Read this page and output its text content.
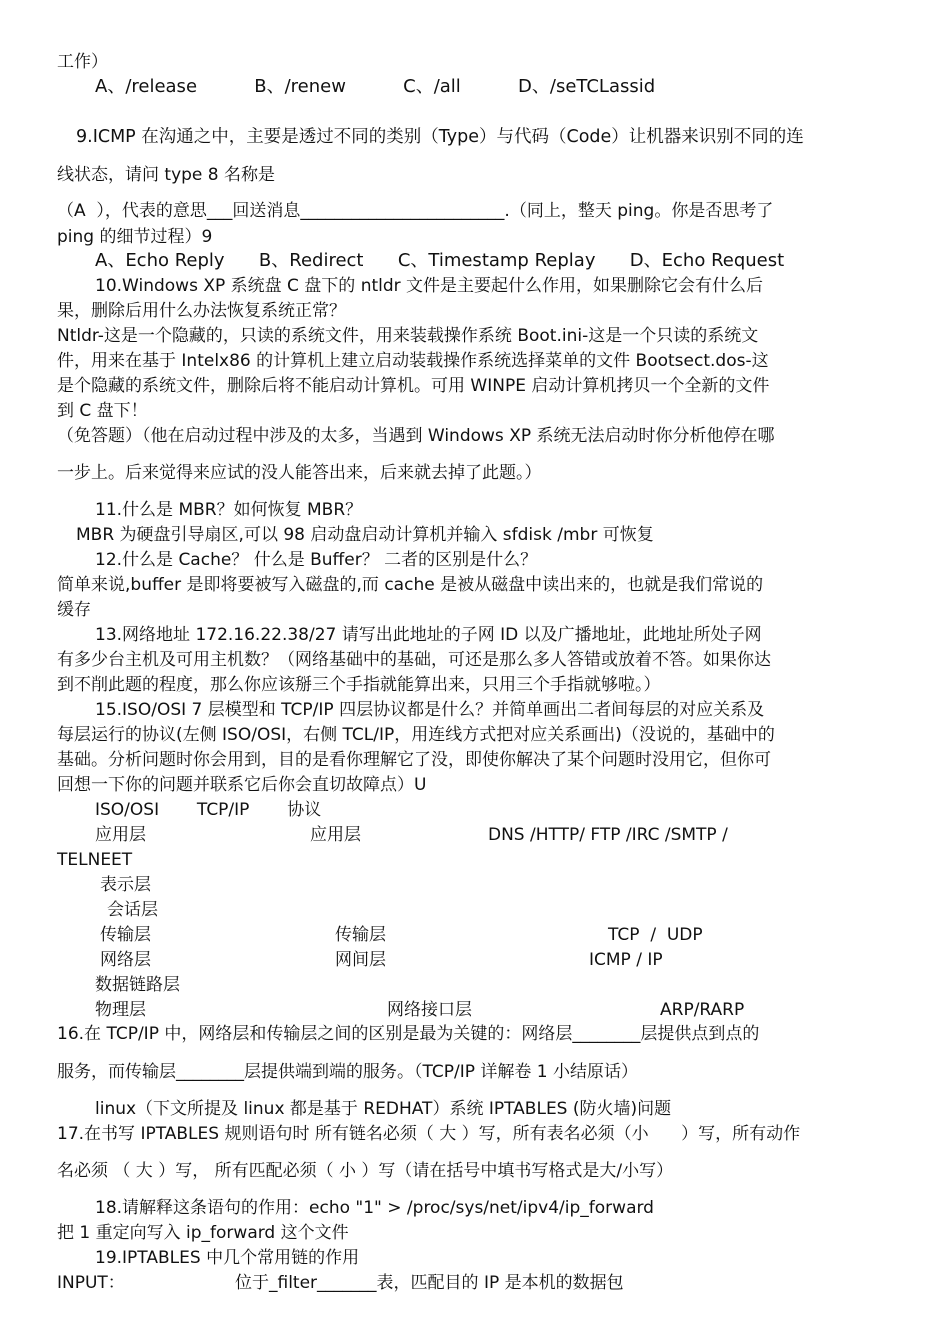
工作）
A、/release          B、/renew          C、/all          D、/seTCLassid
9.ICMP 在沟通之中，主要是透过不同的类别（Type）与代码（Code）让机器来识别不同的连
线状态，请问 type 8 名称是
（A  ），代表的意思___回送消息________________________.（同上，整天 ping。你是否思考了
ping 的细节过程）9
A、Echo Reply      B、Redirect      C、Timestamp Replay      D、Echo Request
10.Windows XP 系统盘 C 盘下的 ntldr 文件是主要起什么作用，如果删除它会有什么后
果，删除后用什么办法恢复系统正常？
Ntldr-这是一个隐藏的，只读的系统文件，用来装载操作系统 Boot.ini-这是一个只读的系统文
件，用来在基于 Intelx86 的计算机上建立启动装载操作系统选择菜单的文件 Bootsect.dos-这
是个隐藏的系统文件，删除后将不能启动计算机。可用 WINPE 启动计算机拷贝一个全新的文件
到 C 盘下！
（免答题）（他在启动过程中涉及的太多，当遇到 Windows XP 系统无法启动时你分析他停在哪
一步上。后来觉得来应试的没人能答出来，后来就去掉了此题。）
11.什么是 MBR？如何恢复 MBR？
MBR 为硬盘引导扇区,可以 98 启动盘启动计算机并输入 sfdisk /mbr 可恢复
12.什么是 Cache？ 什么是 Buffer？ 二者的区别是什么？
简单来说,buffer 是即将要被写入磁盘的,而 cache 是被从磁盘中读出来的，也就是我们常说的
缓存
13.网络地址 172.16.22.38/27 请写出此地址的子网 ID 以及广播地址，此地址所处子网
有多少台主机及可用主机数？（网络基础中的基础，可还是那么多人答错或放着不答。如果你达
到不削此题的程度，那么你应该掰三个手指就能算出来，只用三个手指就够啦。）
15.ISO/OSI 7 层模型和 TCP/IP 四层协议都是什么？并简单画出二者间每层的对应关系及
每层运行的协议(左侧 ISO/OSI，右侧 TCL/IP，用连线方式把对应关系画出)（没说的，基础中的
基础。分析问题时你会用到，目的是看你理解它了没，即使你解决了某个问题时没用它，但你可
回想一下你的问题并联系它后你会直切故障点）U
ISO/OSI       TCP/IP       协议
应用层	应用层	DNS /HTTP/ FTP /IRC /SMTP /
TELNEET
表示层
会话层
传输层	传输层	TCP  /  UDP
网络层	网间层	ICMP / IP
数据链路层
物理层	网络接口层	ARP/RARP
16.在 TCP/IP 中，网络层和传输层之间的区别是最为关键的：网络层________层提供点到点的
服务，而传输层________层提供端到端的服务。（TCP/IP 详解卷 1 小结原话）
linux（下文所提及 linux 都是基于 REDHAT）系统 IPTABLES (防火墙)问题
17.在书写 IPTABLES 规则语句时 所有链名必须（ 大 ）写，所有表名必须（小      ）写，所有动作
名必须 （ 大 ）写， 所有匹配必须（ 小 ）写（请在括号中填书写格式是大/小写）
18.请解释这条语句的作用：echo "1" > /proc/sys/net/ipv4/ip_forward
把 1 重定向写入 ip_forward 这个文件
19.IPTABLES 中几个常用链的作用
INPUT：	位于_filter_______表，匹配目的 IP 是本机的数据包
